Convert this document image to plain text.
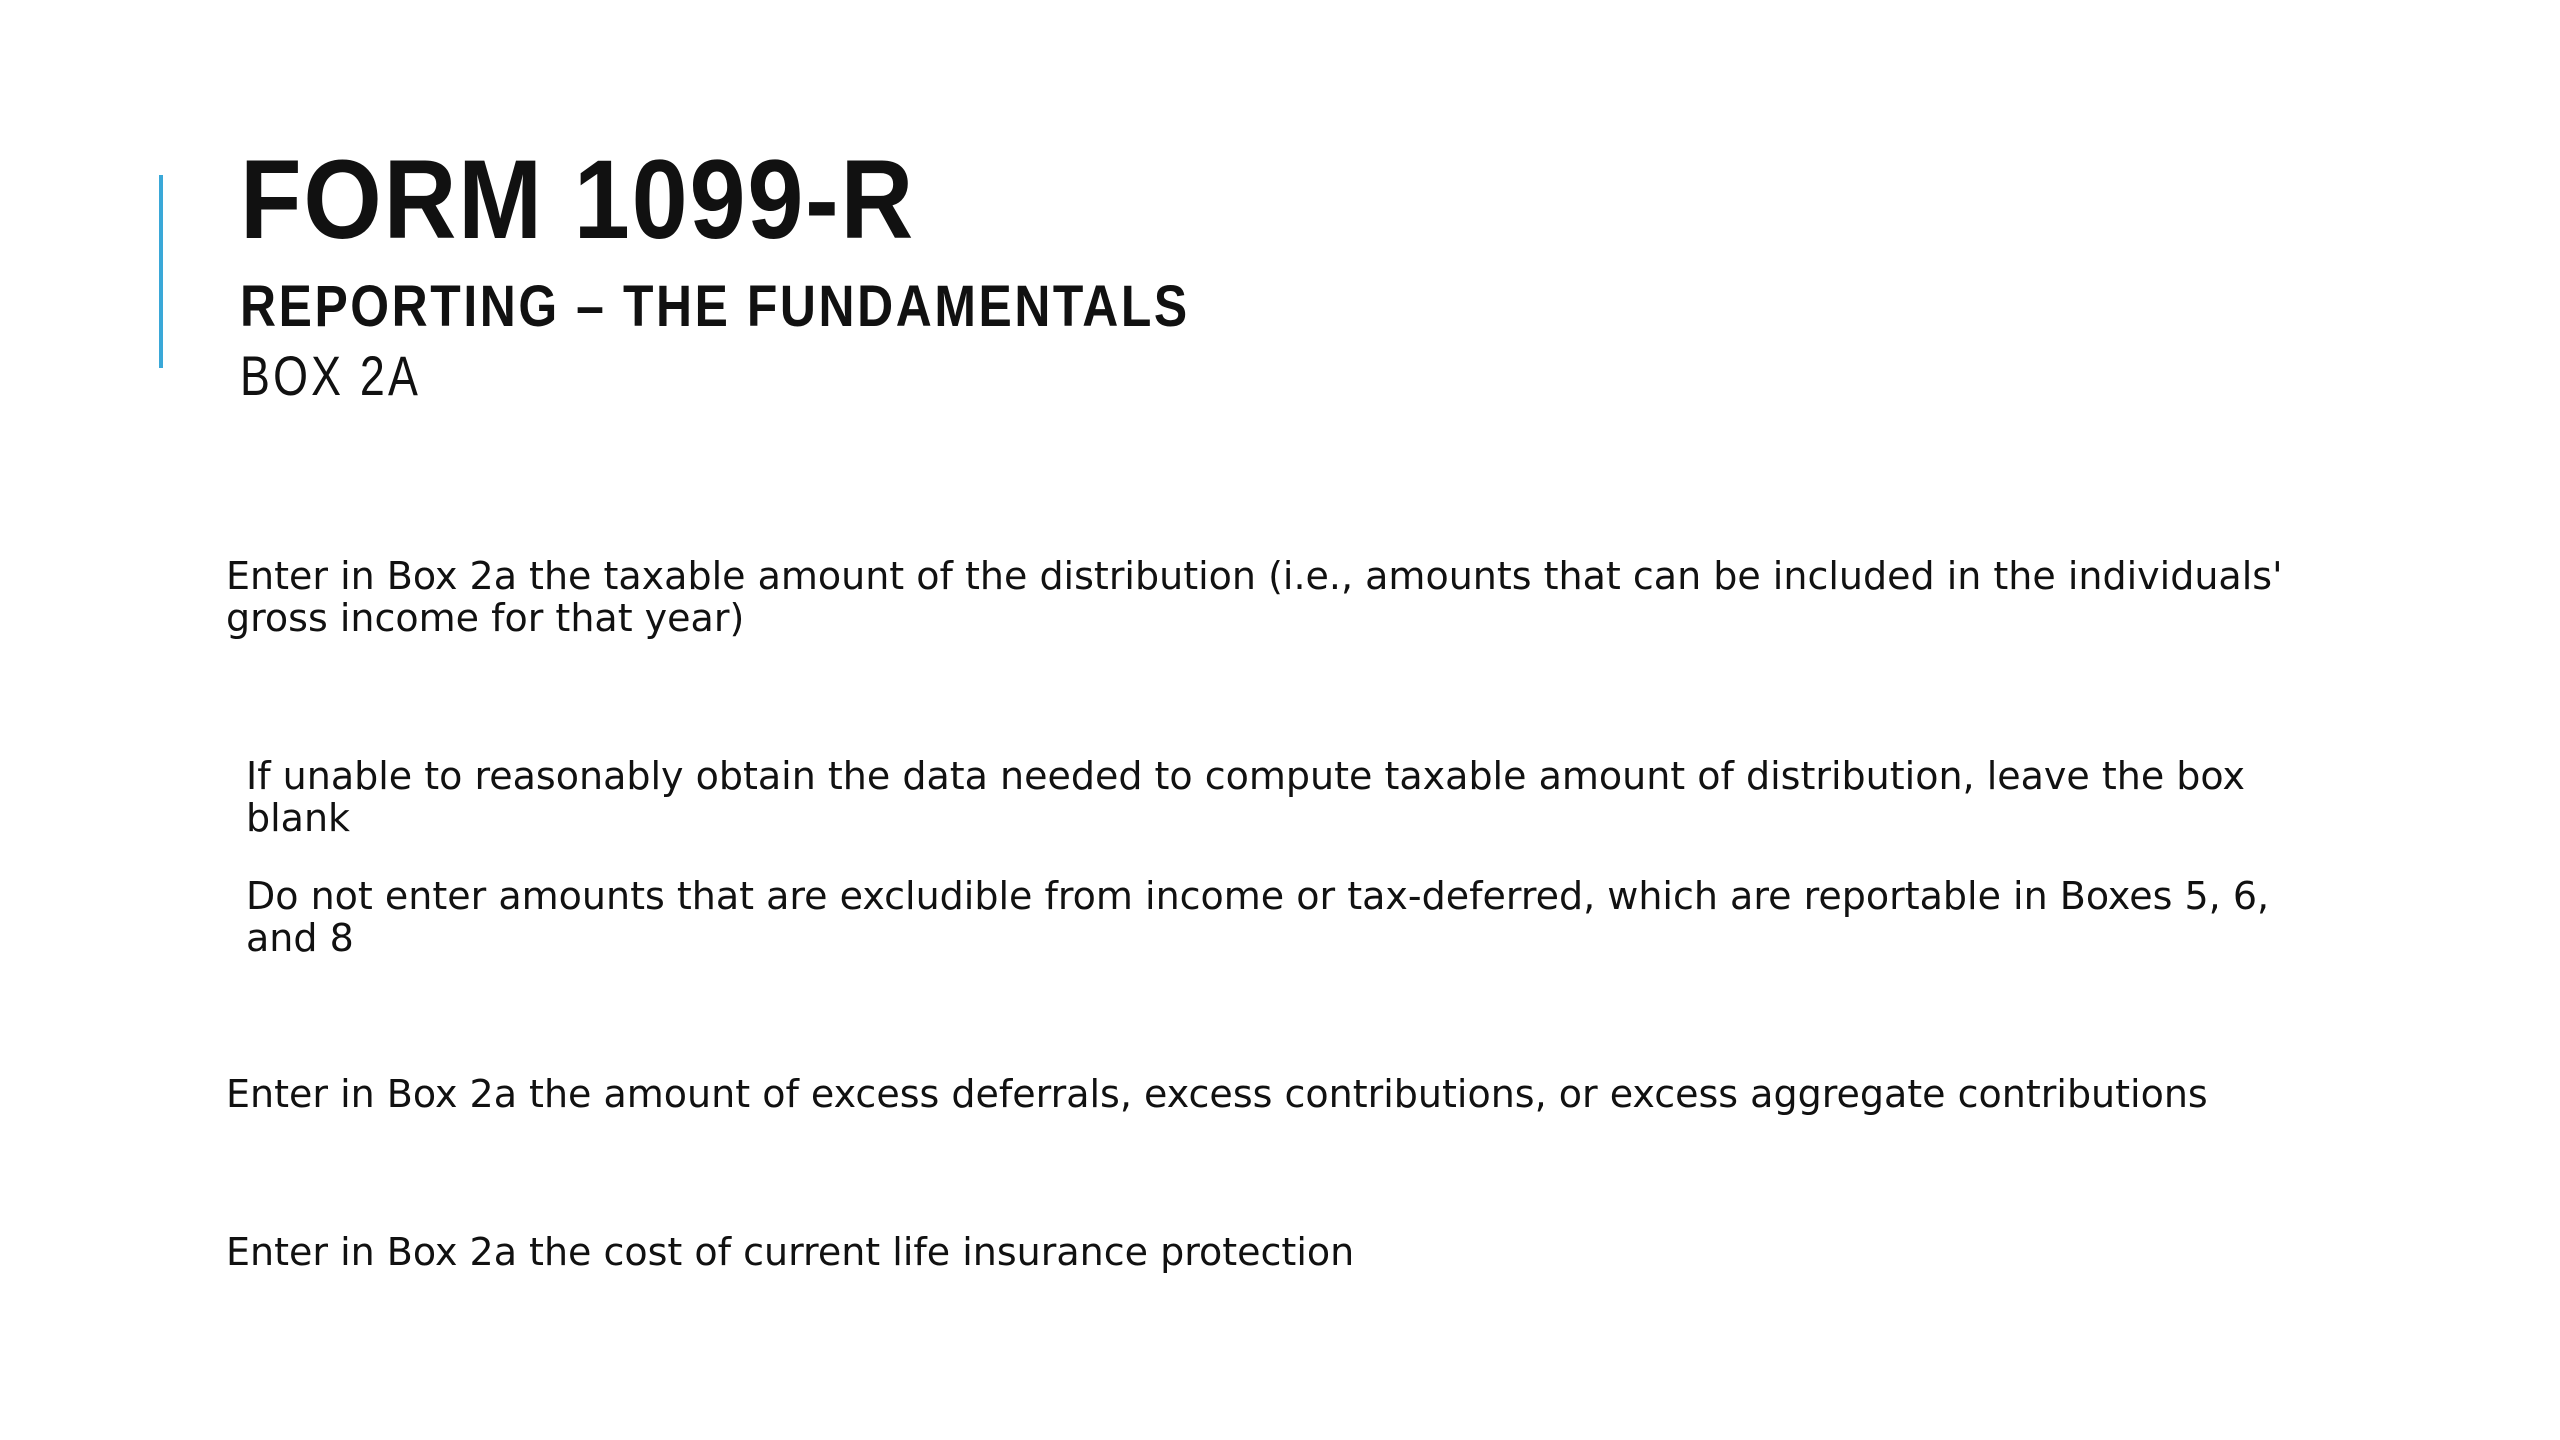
FORM 1099-R
REPORTING – THE FUNDAMENTALS
BOX 2A

Enter in Box 2a the taxable amount of the distribution (i.e., amounts that can be included in the individuals' gross income for that year)

If unable to reasonably obtain the data needed to compute taxable amount of distribution, leave the box blank

Do not enter amounts that are excludible from income or tax-deferred, which are reportable in Boxes 5, 6, and 8

Enter in Box 2a the amount of excess deferrals, excess contributions, or excess aggregate contributions

Enter in Box 2a the cost of current life insurance protection
